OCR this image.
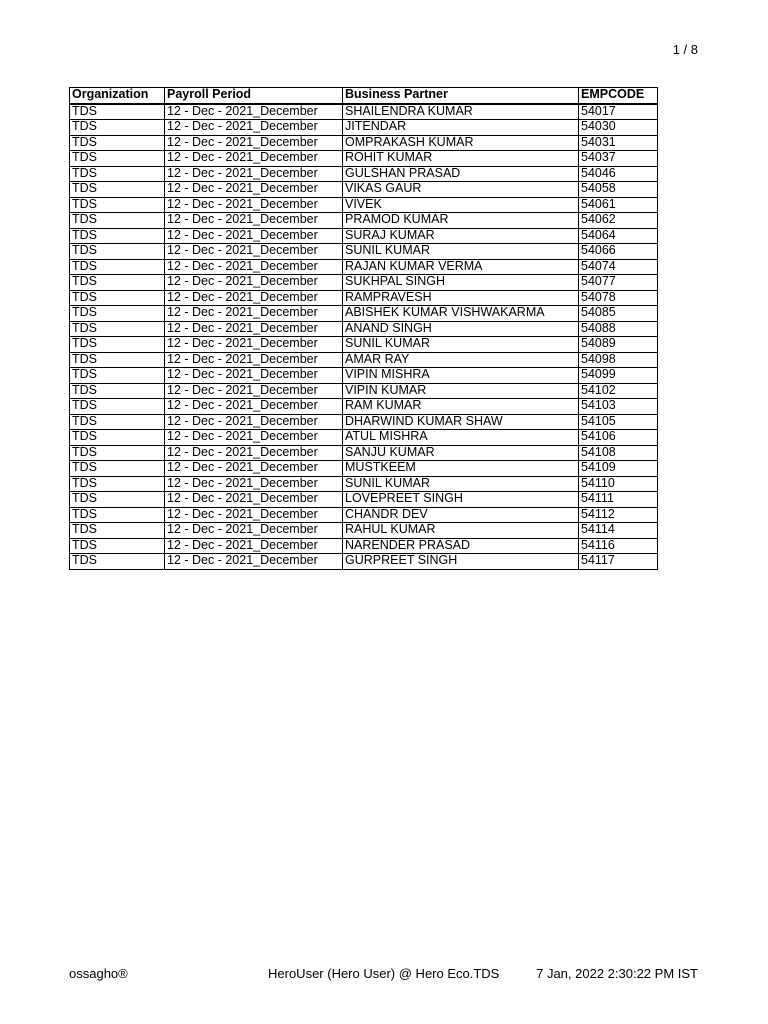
1 / 8
Organization	Payroll Period	Business Partner	EMPCODE
TDS	12 - Dec - 2021_December	SHAILENDRA KUMAR	54017
TDS	12 - Dec - 2021_December	JITENDAR	54030
TDS	12 - Dec - 2021_December	OMPRAKASH KUMAR	54031
TDS	12 - Dec - 2021_December	ROHIT KUMAR	54037
TDS	12 - Dec - 2021_December	GULSHAN PRASAD	54046
TDS	12 - Dec - 2021_December	VIKAS GAUR	54058
TDS	12 - Dec - 2021_December	VIVEK	54061
TDS	12 - Dec - 2021_December	PRAMOD KUMAR	54062
TDS	12 - Dec - 2021_December	SURAJ KUMAR	54064
TDS	12 - Dec - 2021_December	SUNIL KUMAR	54066
TDS	12 - Dec - 2021_December	RAJAN KUMAR VERMA	54074
TDS	12 - Dec - 2021_December	SUKHPAL SINGH	54077
TDS	12 - Dec - 2021_December	RAMPRAVESH	54078
TDS	12 - Dec - 2021_December	ABISHEK KUMAR VISHWAKARMA	54085
TDS	12 - Dec - 2021_December	ANAND SINGH	54088
TDS	12 - Dec - 2021_December	SUNIL KUMAR	54089
TDS	12 - Dec - 2021_December	AMAR RAY	54098
TDS	12 - Dec - 2021_December	VIPIN MISHRA	54099
TDS	12 - Dec - 2021_December	VIPIN KUMAR	54102
TDS	12 - Dec - 2021_December	RAM KUMAR	54103
TDS	12 - Dec - 2021_December	DHARWIND KUMAR SHAW	54105
TDS	12 - Dec - 2021_December	ATUL MISHRA	54106
TDS	12 - Dec - 2021_December	SANJU KUMAR	54108
TDS	12 - Dec - 2021_December	MUSTKEEM	54109
TDS	12 - Dec - 2021_December	SUNIL KUMAR	54110
TDS	12 - Dec - 2021_December	LOVEPREET SINGH	54111
TDS	12 - Dec - 2021_December	CHANDR DEV	54112
TDS	12 - Dec - 2021_December	RAHUL KUMAR	54114
TDS	12 - Dec - 2021_December	NARENDER PRASAD	54116
TDS	12 - Dec - 2021_December	GURPREET SINGH	54117
ossagho®	HeroUser (Hero User) @ Hero Eco.TDS	7 Jan, 2022 2:30:22 PM IST
